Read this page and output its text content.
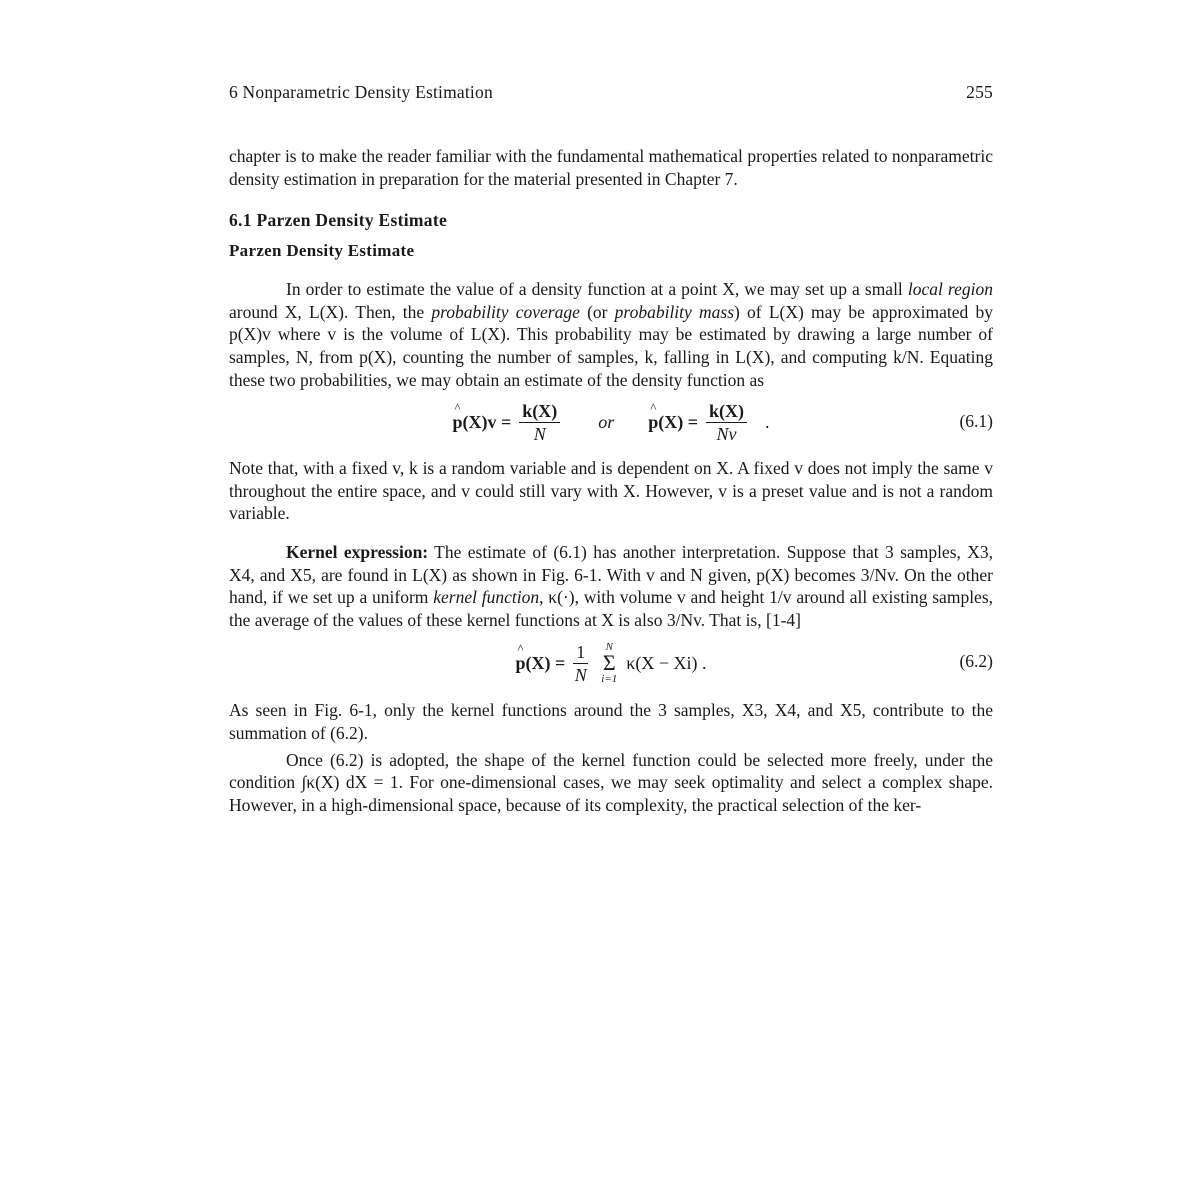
6 Nonparametric Density Estimation	255

chapter is to make the reader familiar with the fundamental mathematical properties related to nonparametric density estimation in preparation for the material presented in Chapter 7.

6.1 Parzen Density Estimate

Parzen Density Estimate

In order to estimate the value of a density function at a point X, we may set up a small local region around X, L(X). Then, the probability coverage (or probability mass) of L(X) may be approximated by p(X)v where v is the volume of L(X). This probability may be estimated by drawing a large number of samples, N, from p(X), counting the number of samples, k, falling in L(X), and computing k/N. Equating these two probabilities, we may obtain an estimate of the density function as

^ $p(X)v = \frac{k(X)}{N}$ or
^ $p(X) = \frac{k(X)}{Nv}$ .	(6.1)

Note that, with a fixed v, k is a random variable and is dependent on X. A fixed v does not imply the same v throughout the entire space, and v could still vary with X. However, v is a preset value and is not a random variable.

Kernel expression: The estimate of (6.1) has another interpretation. Suppose that 3 samples, X3, X4, and X5, are found in L(X) as shown in Fig. 6-1. With v and N given, p(X) becomes 3/Nv. On the other hand, if we set up a uniform kernel function, κ(·), with volume v and height 1/v around all existing samples, the average of the values of these kernel functions at X is also 3/Nv. That is, [1-4]

^ $p(X) = \frac{1}{N}$ N
Σ
i=1
κ(X − Xi) .	(6.2)

As seen in Fig. 6-1, only the kernel functions around the 3 samples, X3, X4, and X5, contribute to the summation of (6.2).

Once (6.2) is adopted, the shape of the kernel function could be selected more freely, under the condition ∫κ(X) dX = 1. For one-dimensional cases, we may seek optimality and select a complex shape. However, in a high-dimensional space, because of its complexity, the practical selection of the ker-
